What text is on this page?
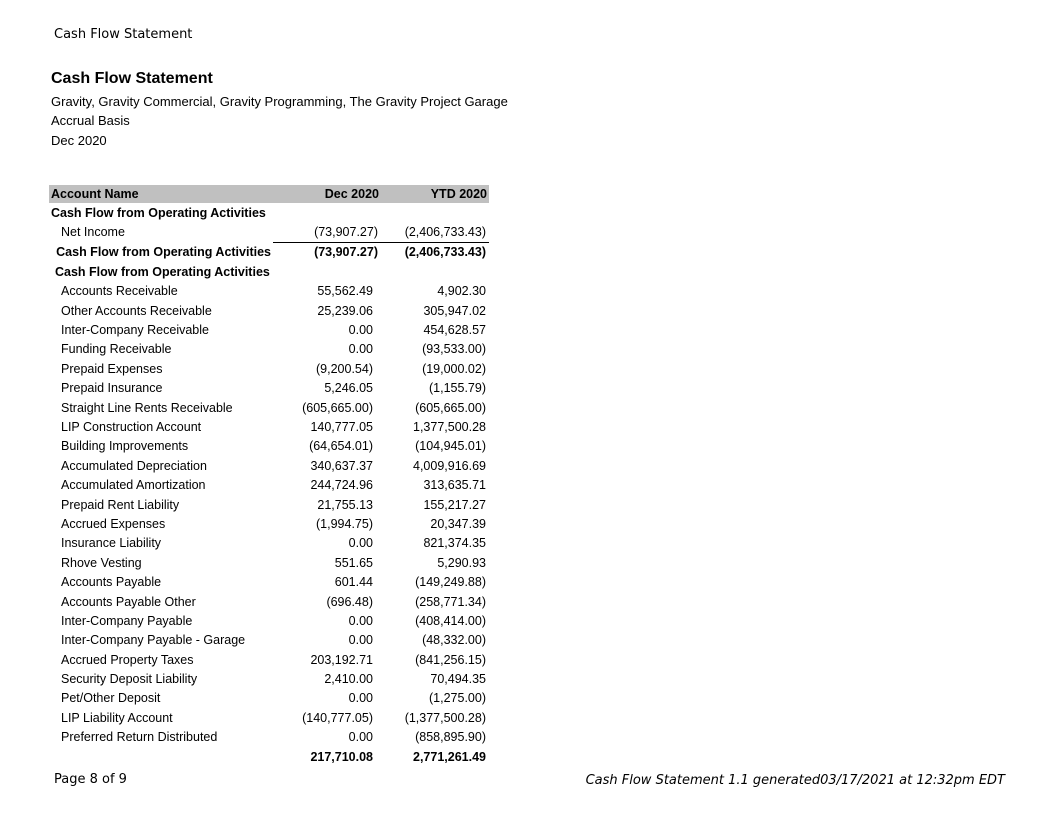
Cash Flow Statement
Cash Flow Statement
Gravity, Gravity Commercial, Gravity Programming, The Gravity Project Garage
Accrual Basis
Dec 2020
Account Name	Dec 2020	YTD 2020
Cash Flow from Operating Activities		
Net Income	(73,907.27)	(2,406,733.43)
Cash Flow from Operating Activities	(73,907.27)	(2,406,733.43)
Cash Flow from Operating Activities		
Accounts Receivable	55,562.49	4,902.30
Other Accounts Receivable	25,239.06	305,947.02
Inter-Company Receivable	0.00	454,628.57
Funding Receivable	0.00	(93,533.00)
Prepaid Expenses	(9,200.54)	(19,000.02)
Prepaid Insurance	5,246.05	(1,155.79)
Straight Line Rents Receivable	(605,665.00)	(605,665.00)
LIP Construction Account	140,777.05	1,377,500.28
Building Improvements	(64,654.01)	(104,945.01)
Accumulated Depreciation	340,637.37	4,009,916.69
Accumulated Amortization	244,724.96	313,635.71
Prepaid Rent Liability	21,755.13	155,217.27
Accrued Expenses	(1,994.75)	20,347.39
Insurance Liability	0.00	821,374.35
Rhove Vesting	551.65	5,290.93
Accounts Payable	601.44	(149,249.88)
Accounts Payable Other	(696.48)	(258,771.34)
Inter-Company Payable	0.00	(408,414.00)
Inter-Company Payable - Garage	0.00	(48,332.00)
Accrued Property Taxes	203,192.71	(841,256.15)
Security Deposit Liability	2,410.00	70,494.35
Pet/Other Deposit	0.00	(1,275.00)
LIP Liability Account	(140,777.05)	(1,377,500.28)
Preferred Return Distributed	0.00	(858,895.90)
	217,710.08	2,771,261.49
Page 8 of 9	Cash Flow Statement 1.1 generated03/17/2021 at 12:32pm EDT
